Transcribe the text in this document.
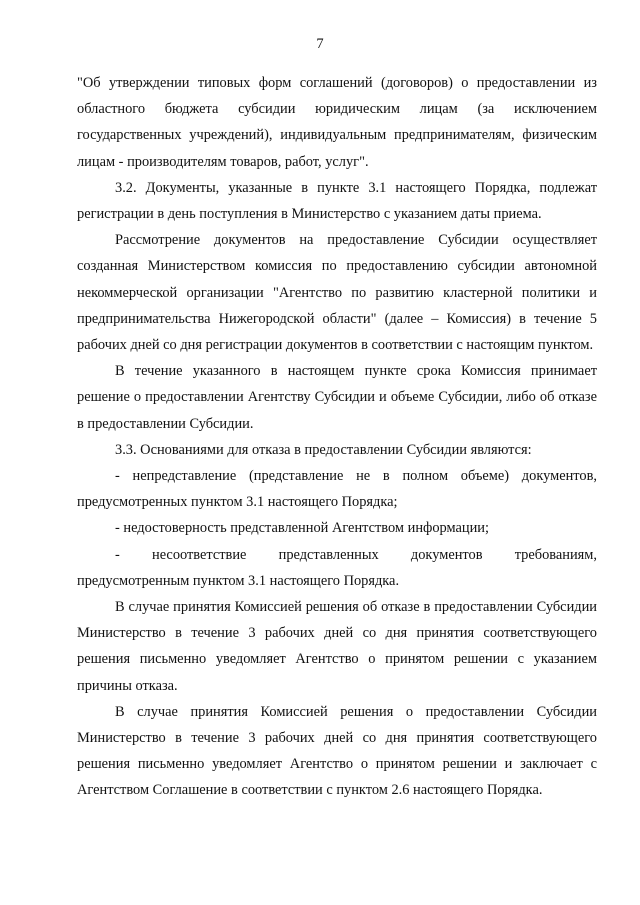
7

"Об утверждении типовых форм соглашений (договоров) о предоставлении из областного бюджета субсидии юридическим лицам (за исключением государственных учреждений), индивидуальным предпринимателям, физическим лицам - производителям товаров, работ, услуг".

3.2. Документы, указанные в пункте 3.1 настоящего Порядка, подлежат регистрации в день поступления в Министерство с указанием даты приема.

Рассмотрение документов на предоставление Субсидии осуществляет созданная Министерством комиссия по предоставлению субсидии автономной некоммерческой организации "Агентство по развитию кластерной политики и предпринимательства Нижегородской области" (далее – Комиссия) в течение 5 рабочих дней со дня регистрации документов в соответствии с настоящим пунктом.

В течение указанного в настоящем пункте срока Комиссия принимает решение о предоставлении Агентству Субсидии и объеме Субсидии, либо об отказе в предоставлении Субсидии.

3.3. Основаниями для отказа в предоставлении Субсидии являются:

- непредставление (представление не в полном объеме) документов, предусмотренных пунктом 3.1 настоящего Порядка;

- недостоверность представленной Агентством информации;

- несоответствие представленных документов требованиям, предусмотренным пунктом 3.1 настоящего Порядка.

В случае принятия Комиссией решения об отказе в предоставлении Субсидии Министерство в течение 3 рабочих дней со дня принятия соответствующего решения письменно уведомляет Агентство о принятом решении с указанием причины отказа.

В случае принятия Комиссией решения о предоставлении Субсидии Министерство в течение 3 рабочих дней со дня принятия соответствующего решения письменно уведомляет Агентство о принятом решении и заключает с Агентством Соглашение в соответствии с пунктом 2.6 настоящего Порядка.
